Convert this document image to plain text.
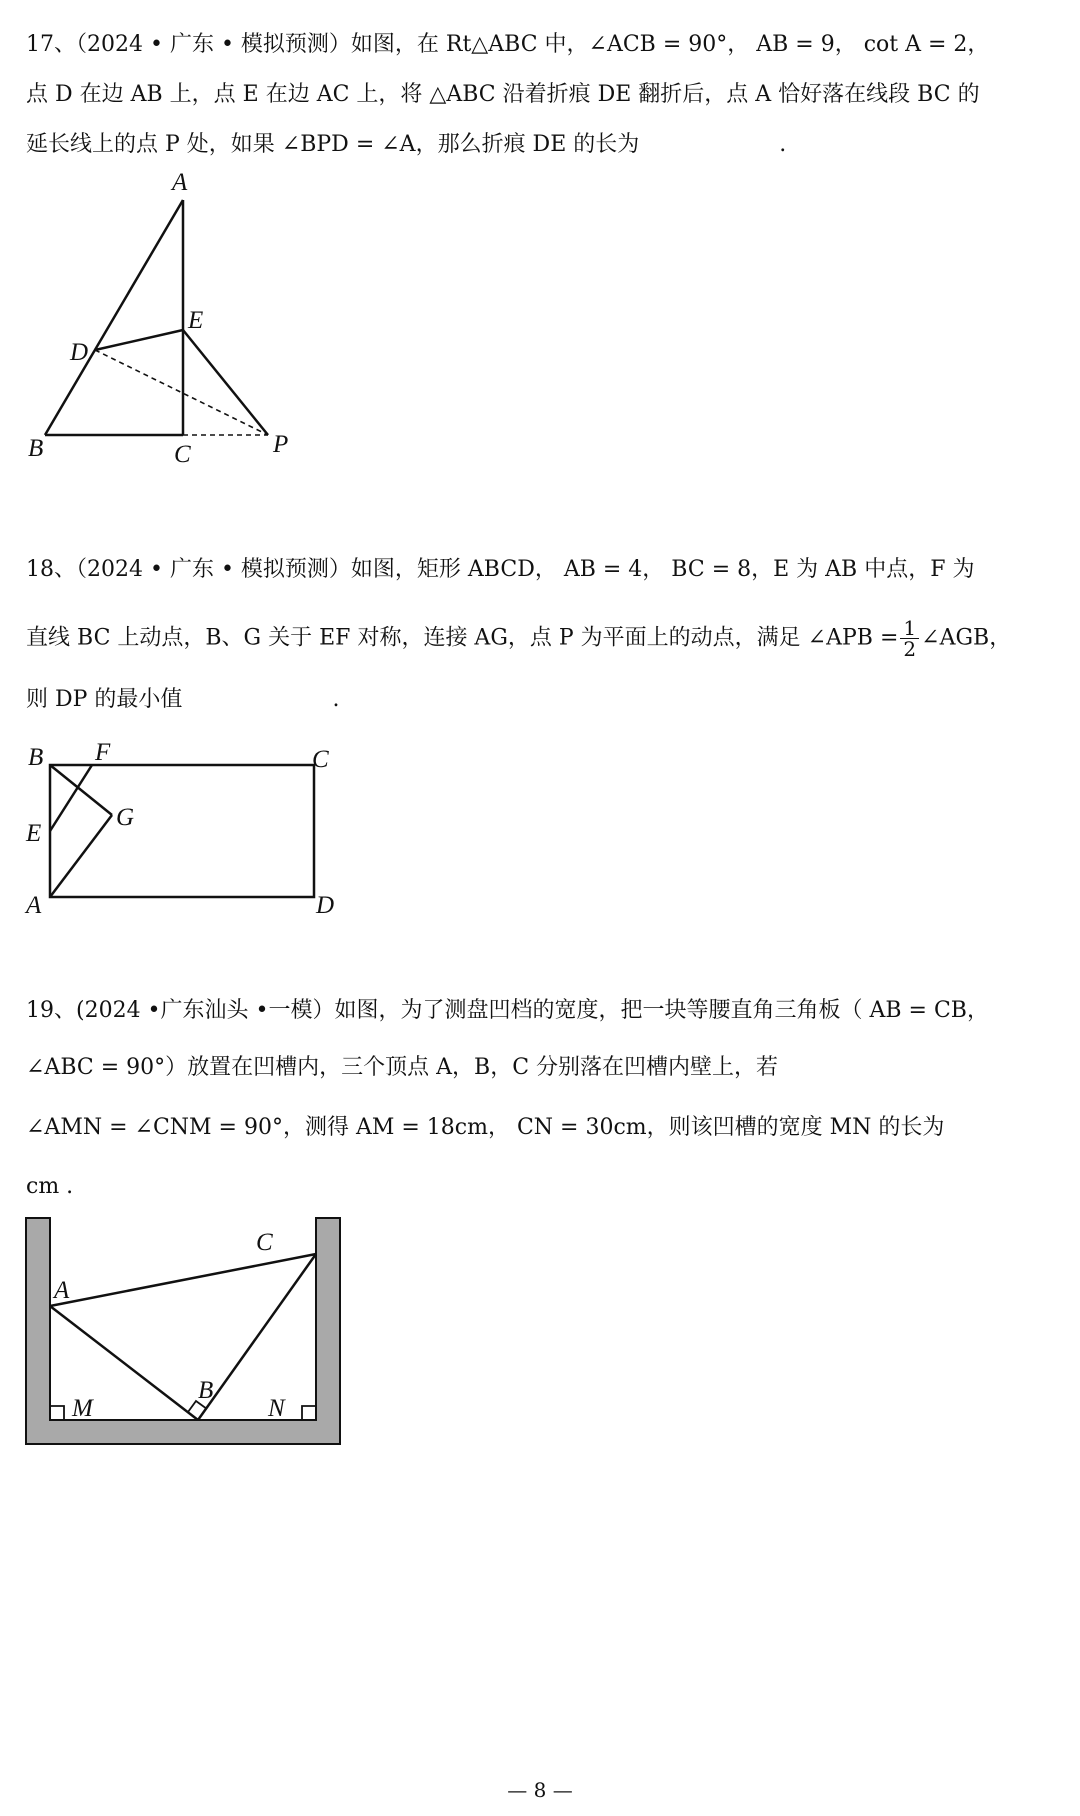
17、（2024 • 广东 • 模拟预测）如图，在 Rt△ABC 中，∠ACB = 90°， AB = 9， cot A = 2，
点 D 在边 AB 上，点 E 在边 AC 上，将 △ABC 沿着折痕 DE 翻折后，点 A 恰好落在线段 BC 的
延长线上的点 P 处，如果 ∠BPD = ∠A，那么折痕 DE 的长为	.
A
B	C
D
E
P
18、（2024 • 广东 • 模拟预测）如图，矩形 ABCD， AB = 4， BC = 8，E 为 AB 中点，F 为
直线 BC 上动点，B、G 关于 EF 对称，连接 AG，点 P 为平面上的动点，满足 ∠APB = $\frac{1}{2}$ ∠AGB，
则 DP 的最小值	.
B F	C
E
G
A	D
19、(2024 •广东汕头 •一模）如图，为了测盘凹档的宽度，把一块等腰直角三角板（ AB = CB，
∠ABC = 90°）放置在凹槽内，三个顶点 A，B，C 分别落在凹槽内壁上，若
∠AMN = ∠CNM = 90°，测得 AM = 18cm， CN = 30cm，则该凹槽的宽度 MN 的长为
cm .
C
A
B
M	N
— 8 —
